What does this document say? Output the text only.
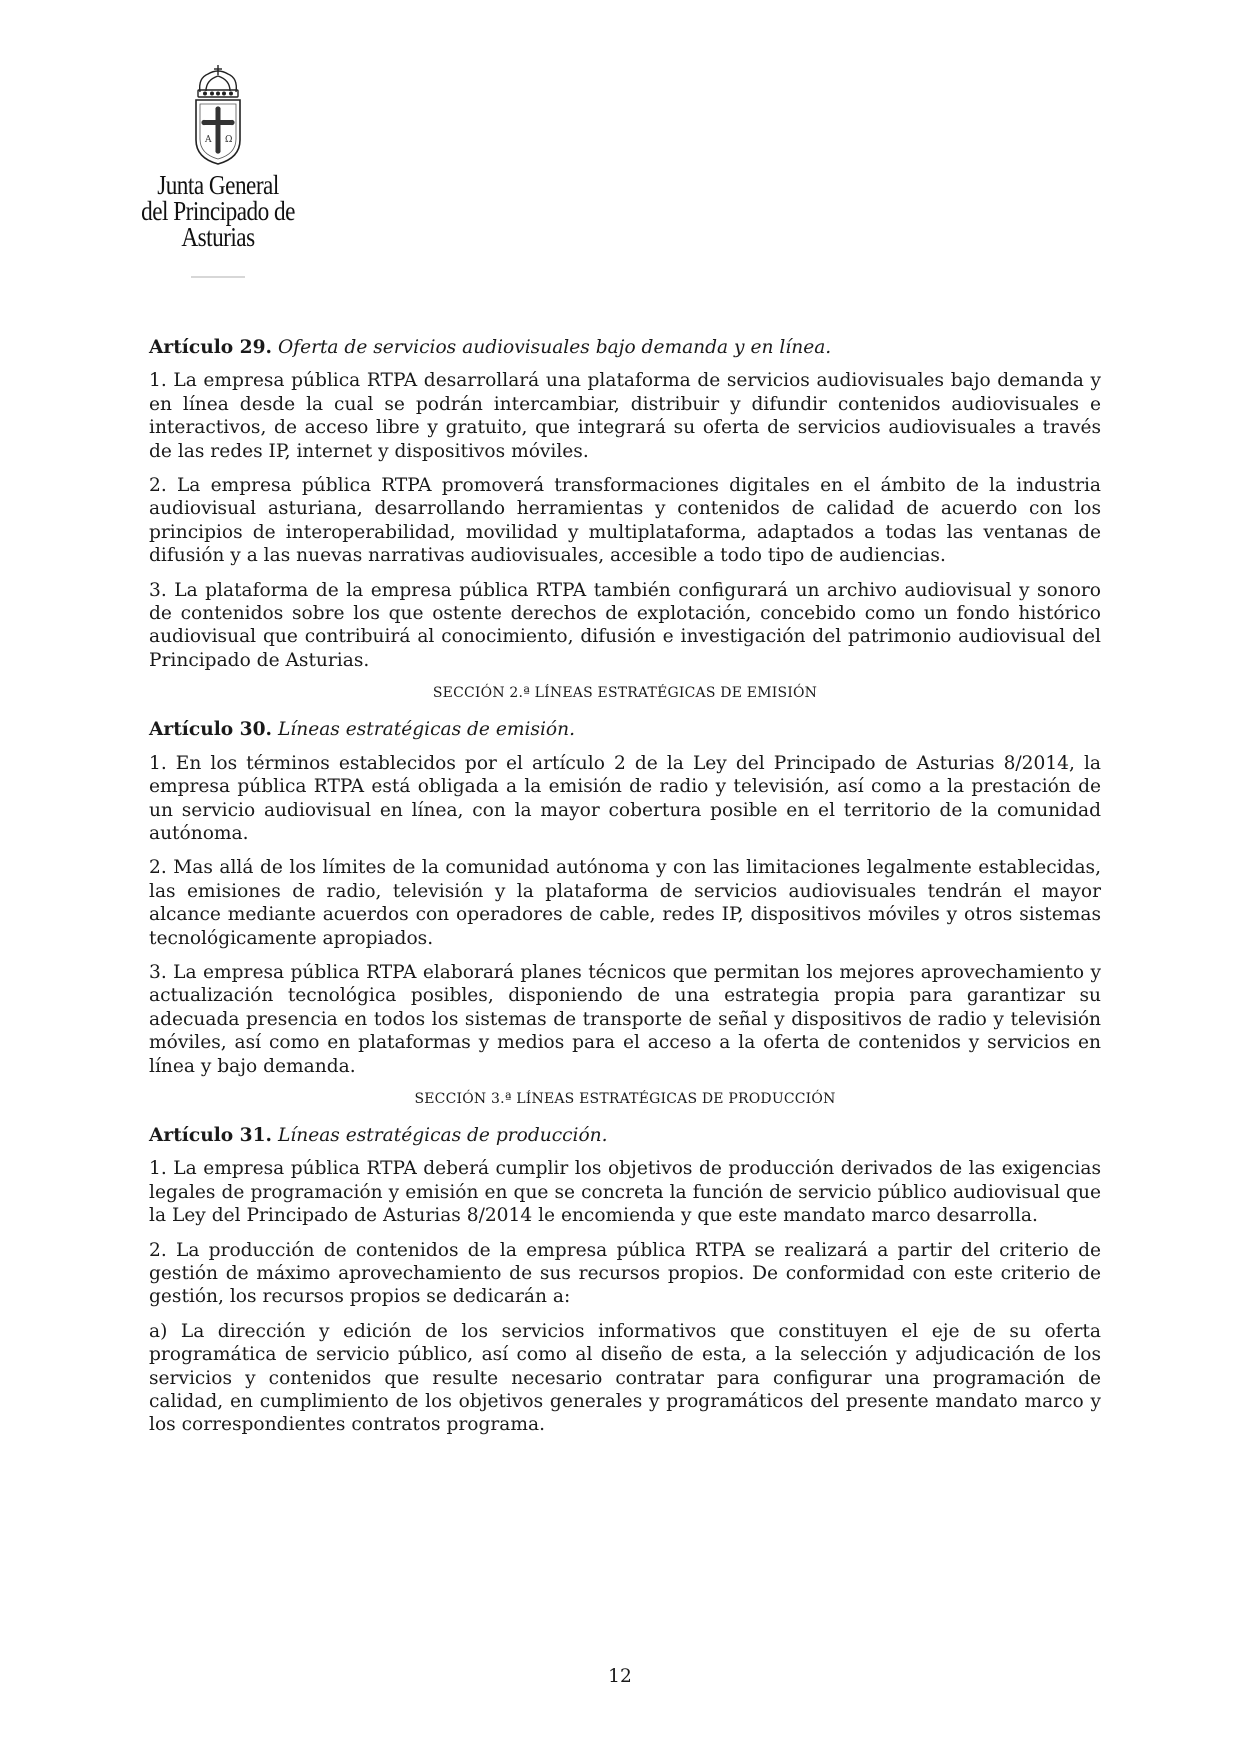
A Ω
Junta General
del Principado de Asturias
Artículo 29. Oferta de servicios audiovisuales bajo demanda y en línea.

1. La empresa pública RTPA desarrollará una plataforma de servicios audiovisuales bajo demanda y en línea desde la cual se podrán intercambiar, distribuir y difundir contenidos audiovisuales e interactivos, de acceso libre y gratuito, que integrará su oferta de servicios audiovisuales a través de las redes IP, internet y dispositivos móviles.

2. La empresa pública RTPA promoverá transformaciones digitales en el ámbito de la industria audiovisual asturiana, desarrollando herramientas y contenidos de calidad de acuerdo con los principios de interoperabilidad, movilidad y multiplataforma, adaptados a todas las ventanas de difusión y a las nuevas narrativas audiovisuales, accesible a todo tipo de audiencias.

3. La plataforma de la empresa pública RTPA también configurará un archivo audiovisual y sonoro de contenidos sobre los que ostente derechos de explotación, concebido como un fondo histórico audiovisual que contribuirá al conocimiento, difusión e investigación del patrimonio audiovisual del Principado de Asturias.

SECCIÓN 2.ª LÍNEAS ESTRATÉGICAS DE EMISIÓN
Artículo 30. Líneas estratégicas de emisión.

1. En los términos establecidos por el artículo 2 de la Ley del Principado de Asturias 8/2014, la empresa pública RTPA está obligada a la emisión de radio y televisión, así como a la prestación de un servicio audiovisual en línea, con la mayor cobertura posible en el territorio de la comunidad autónoma.

2. Mas allá de los límites de la comunidad autónoma y con las limitaciones legalmente establecidas, las emisiones de radio, televisión y la plataforma de servicios audiovisuales tendrán el mayor alcance mediante acuerdos con operadores de cable, redes IP, dispositivos móviles y otros sistemas tecnológicamente apropiados.

3. La empresa pública RTPA elaborará planes técnicos que permitan los mejores aprovechamiento y actualización tecnológica posibles, disponiendo de una estrategia propia para garantizar su adecuada presencia en todos los sistemas de transporte de señal y dispositivos de radio y televisión móviles, así como en plataformas y medios para el acceso a la oferta de contenidos y servicios en línea y bajo demanda.

SECCIÓN 3.ª LÍNEAS ESTRATÉGICAS DE PRODUCCIÓN
Artículo 31. Líneas estratégicas de producción.

1. La empresa pública RTPA deberá cumplir los objetivos de producción derivados de las exigencias legales de programación y emisión en que se concreta la función de servicio público audiovisual que la Ley del Principado de Asturias 8/2014 le encomienda y que este mandato marco desarrolla.

2. La producción de contenidos de la empresa pública RTPA se realizará a partir del criterio de gestión de máximo aprovechamiento de sus recursos propios. De conformidad con este criterio de gestión, los recursos propios se dedicarán a:

a) La dirección y edición de los servicios informativos que constituyen el eje de su oferta programática de servicio público, así como al diseño de esta, a la selección y adjudicación de los servicios y contenidos que resulte necesario contratar para configurar una programación de calidad, en cumplimiento de los objetivos generales y programáticos del presente mandato marco y los correspondientes contratos programa.

12
